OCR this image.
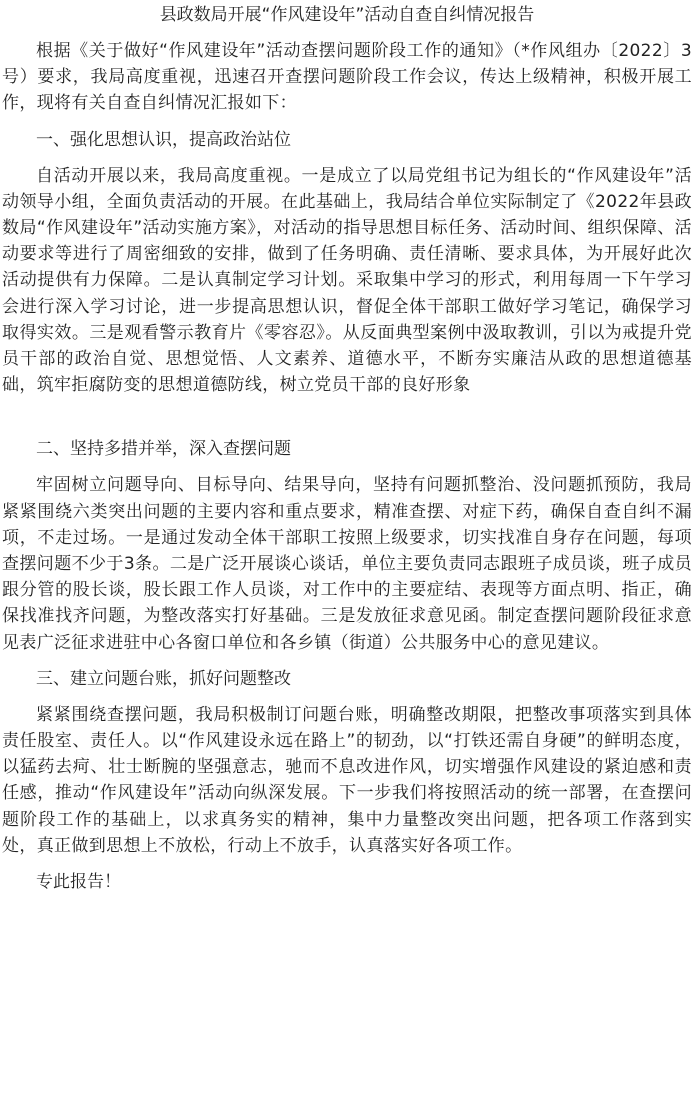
县政数局开展“作风建设年”活动自查自纠情况报告

根据《关于做好“作风建设年”活动查摆问题阶段工作的通知》（*作风组办〔2022〕3号）要求，我局高度重视，迅速召开查摆问题阶段工作会议，传达上级精神，积极开展工作，现将有关自查自纠情况汇报如下：

一、强化思想认识，提高政治站位

自活动开展以来，我局高度重视。一是成立了以局党组书记为组长的“作风建设年”活动领导小组，全面负责活动的开展。在此基础上，我局结合单位实际制定了《2022年县政数局“作风建设年”活动实施方案》，对活动的指导思想目标任务、活动时间、组织保障、活动要求等进行了周密细致的安排，做到了任务明确、责任清晰、要求具体，为开展好此次活动提供有力保障。二是认真制定学习计划。采取集中学习的形式，利用每周一下午学习会进行深入学习讨论，进一步提高思想认识，督促全体干部职工做好学习笔记，确保学习取得实效。三是观看警示教育片《零容忍》。从反面典型案例中汲取教训，引以为戒提升党员干部的政治自觉、思想觉悟、人文素养、道德水平，不断夯实廉洁从政的思想道德基础，筑牢拒腐防变的思想道德防线，树立党员干部的良好形象

二、坚持多措并举，深入查摆问题

牢固树立问题导向、目标导向、结果导向，坚持有问题抓整治、没问题抓预防，我局紧紧围绕六类突出问题的主要内容和重点要求，精准查摆、对症下药，确保自查自纠不漏项，不走过场。一是通过发动全体干部职工按照上级要求，切实找准自身存在问题，每项查摆问题不少于3条。二是广泛开展谈心谈话，单位主要负责同志跟班子成员谈，班子成员跟分管的股长谈，股长跟工作人员谈，对工作中的主要症结、表现等方面点明、指正，确保找准找齐问题，为整改落实打好基础。三是发放征求意见函。制定查摆问题阶段征求意见表广泛征求进驻中心各窗口单位和各乡镇（街道）公共服务中心的意见建议。

三、建立问题台账，抓好问题整改

紧紧围绕查摆问题，我局积极制订问题台账，明确整改期限，把整改事项落实到具体责任股室、责任人。以“作风建设永远在路上”的韧劲，以“打铁还需自身硬”的鲜明态度，以猛药去疴、壮士断腕的坚强意志，驰而不息改进作风，切实增强作风建设的紧迫感和责任感，推动“作风建设年”活动向纵深发展。下一步我们将按照活动的统一部署，在查摆问题阶段工作的基础上，以求真务实的精神，集中力量整改突出问题，把各项工作落到实处，真正做到思想上不放松，行动上不放手，认真落实好各项工作。

专此报告！
